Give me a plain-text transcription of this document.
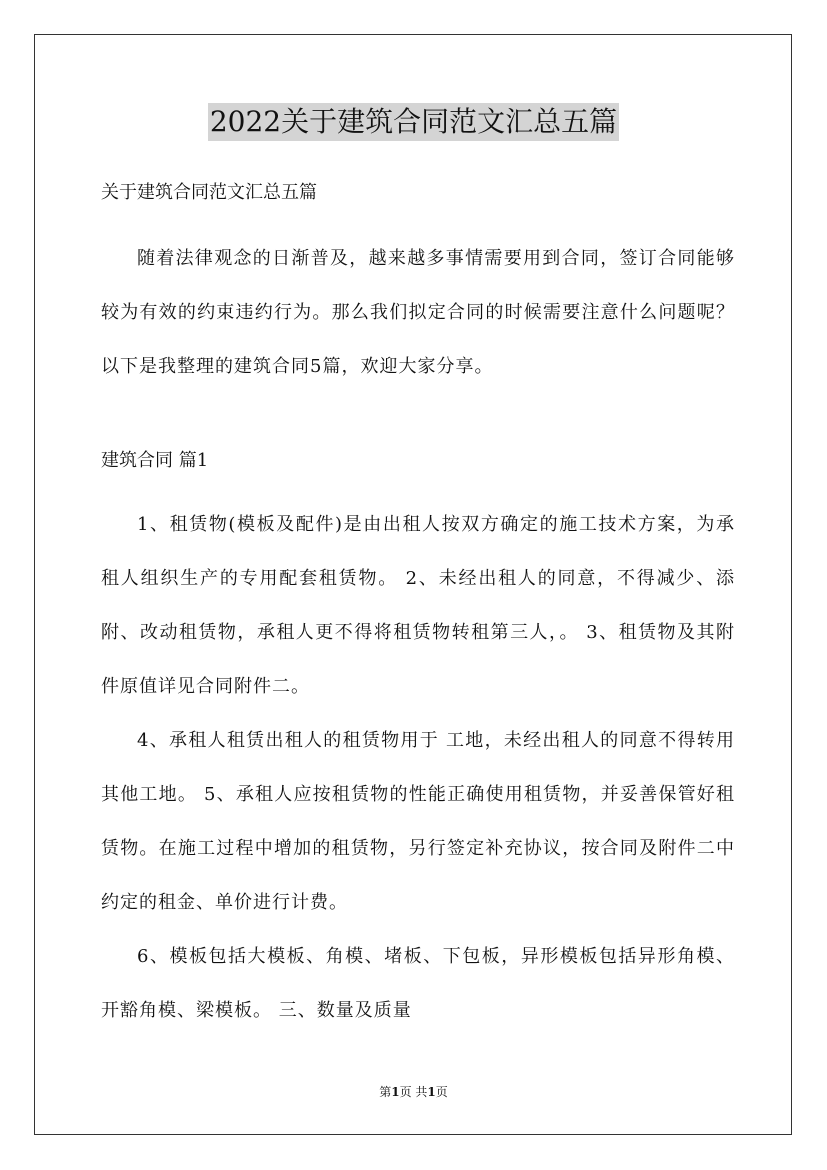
2022关于建筑合同范文汇总五篇

关于建筑合同范文汇总五篇

随着法律观念的日渐普及，越来越多事情需要用到合同，签订合同能够较为有效的约束违约行为。那么我们拟定合同的时候需要注意什么问题呢？以下是我整理的建筑合同5篇，欢迎大家分享。

建筑合同 篇1

1、租赁物(模板及配件)是由出租人按双方确定的施工技术方案，为承租人组织生产的专用配套租赁物。 2、未经出租人的同意，不得减少、添附、改动租赁物，承租人更不得将租赁物转租第三人，。 3、租赁物及其附件原值详见合同附件二。

4、承租人租赁出租人的租赁物用于 工地，未经出租人的同意不得转用其他工地。 5、承租人应按租赁物的性能正确使用租赁物，并妥善保管好租赁物。在施工过程中增加的租赁物，另行签定补充协议，按合同及附件二中约定的租金、单价进行计费。

6、模板包括大模板、角模、堵板、下包板，异形模板包括异形角模、开豁角模、梁模板。 三、数量及质量

第1页 共1页
